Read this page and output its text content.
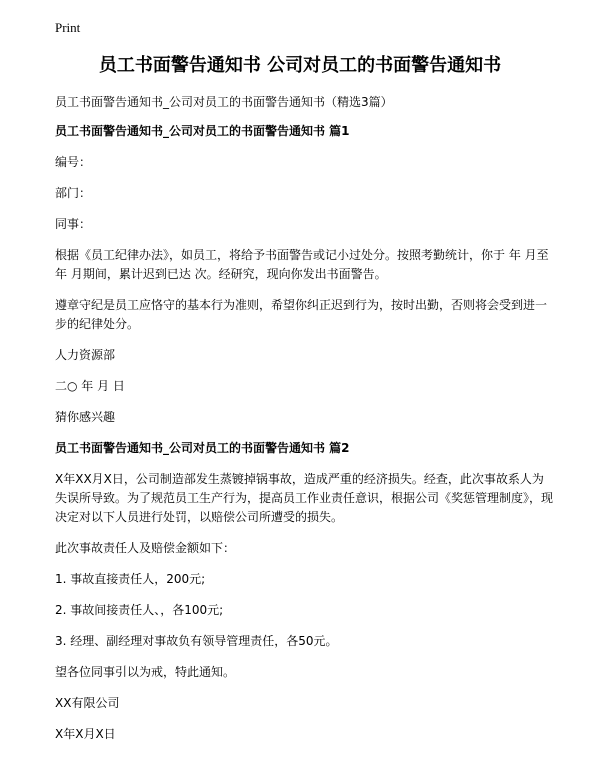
Print
员工书面警告通知书 公司对员工的书面警告通知书

员工书面警告通知书_公司对员工的书面警告通知书（精选3篇）

员工书面警告通知书_公司对员工的书面警告通知书 篇1

编号：

部门：

同事：

根据《员工纪律办法》，如员工，将给予书面警告或记小过处分。按照考勤统计，你于 年 月至 年 月期间，累计迟到已达 次。经研究，现向你发出书面警告。

遵章守纪是员工应恪守的基本行为准则，希望你纠正迟到行为，按时出勤，否则将会受到进一步的纪律处分。

人力资源部

二○ 年 月 日

猜你感兴趣

员工书面警告通知书_公司对员工的书面警告通知书 篇2

X年XX月X日，公司制造部发生蒸镀掉锅事故，造成严重的经济损失。经查，此次事故系人为失误所导致。为了规范员工生产行为，提高员工作业责任意识，根据公司《奖惩管理制度》，现决定对以下人员进行处罚，以赔偿公司所遭受的损失。

此次事故责任人及赔偿金额如下：

1. 事故直接责任人，200元;

2. 事故间接责任人、，各100元;

3. 经理、副经理对事故负有领导管理责任，各50元。

望各位同事引以为戒，特此通知。

XX有限公司

X年X月X日
